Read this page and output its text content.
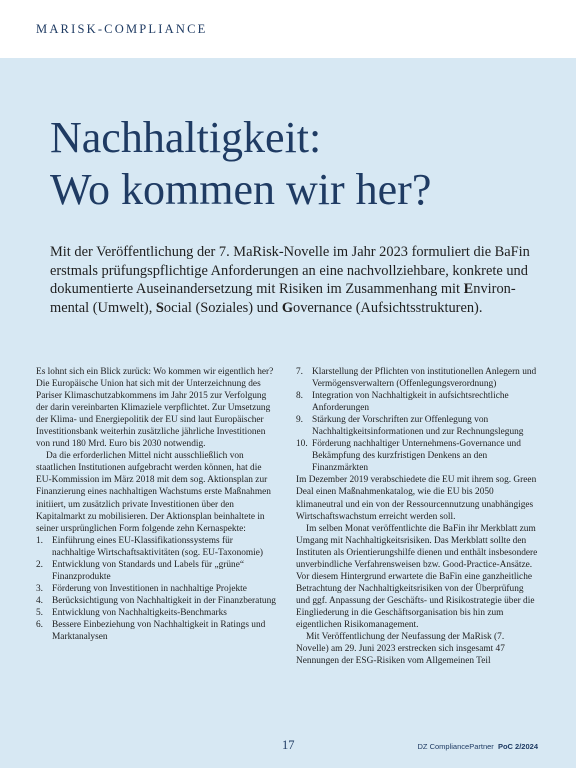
MARISK-COMPLIANCE
Nachhaltigkeit:
Wo kommen wir her?

Mit der Veröffentlichung der 7. MaRisk-Novelle im Jahr 2023 formuliert die BaFin erstmals prüfungspflichtige Anforderungen an eine nachvollziehbare, konkrete und dokumentierte Auseinandersetzung mit Risiken im Zusammenhang mit Environ-mental (Umwelt), Social (Soziales) und Governance (Aufsichtsstrukturen).

Es lohnt sich ein Blick zurück: Wo kommen wir eigentlich her? Die Europäische Union hat sich mit der Unterzeichnung des Pariser Klimaschutzabkommens im Jahr 2015 zur Verfolgung der darin vereinbarten Klimaziele verpflichtet. Zur Umsetzung der Klima- und Energiepolitik der EU sind laut Europäischer Investitionsbank weiterhin zusätzliche jährliche Investitionen von rund 180 Mrd. Euro bis 2030 notwendig.

Da die erforderlichen Mittel nicht ausschließlich von staatlichen Institutionen aufgebracht werden können, hat die EU-Kommission im März 2018 mit dem sog. Aktionsplan zur Finanzierung eines nachhaltigen Wachstums erste Maßnahmen initiiert, um zusätzlich private Investitionen über den Kapitalmarkt zu mobilisieren. Der Aktionsplan beinhaltete in seiner ursprünglichen Form folgende zehn Kernaspekte:

1. Einführung eines EU-Klassifikationssystems für nachhaltige Wirtschaftsaktivitäten (sog. EU-Taxonomie)
2. Entwicklung von Standards und Labels für „grüne“ Finanzprodukte
3. Förderung von Investitionen in nachhaltige Projekte
4. Berücksichtigung von Nachhaltigkeit in der Finanzberatung
5. Entwicklung von Nachhaltigkeits-Benchmarks
6. Bessere Einbeziehung von Nachhaltigkeit in Ratings und Marktanalysen
7. Klarstellung der Pflichten von institutionellen Anlegern und Vermögensverwaltern (Offenlegungsverordnung)
8. Integration von Nachhaltigkeit in aufsichtsrechtliche Anforderungen
9. Stärkung der Vorschriften zur Offenlegung von Nachhaltigkeitsinformationen und zur Rechnungslegung
10. Förderung nachhaltiger Unternehmens-Governance und Bekämpfung des kurzfristigen Denkens an den Finanzmärkten

Im Dezember 2019 verabschiedete die EU mit ihrem sog. Green Deal einen Maßnahmenkatalog, wie die EU bis 2050 klimaneutral und ein von der Ressourcennutzung unabhängiges Wirtschaftswachstum erreicht werden soll.

Im selben Monat veröffentlichte die BaFin ihr Merkblatt zum Umgang mit Nachhaltigkeitsrisiken. Das Merkblatt sollte den Instituten als Orientierungshilfe dienen und enthält insbesondere unverbindliche Verfahrensweisen bzw. Good-Practice-Ansätze. Vor diesem Hintergrund erwartete die BaFin eine ganzheitliche Betrachtung der Nachhaltigkeitsrisiken von der Überprüfung und ggf. Anpassung der Geschäfts- und Risikostrategie über die Eingliederung in die Geschäftsorganisation bis hin zum eigentlichen Risikomanagement.

Mit Veröffentlichung der Neufassung der MaRisk (7. Novelle) am 29. Juni 2023 erstrecken sich insgesamt 47 Nennungen der ESG-Risiken vom Allgemeinen Teil

17	DZ CompliancePartner PoC 2/2024
